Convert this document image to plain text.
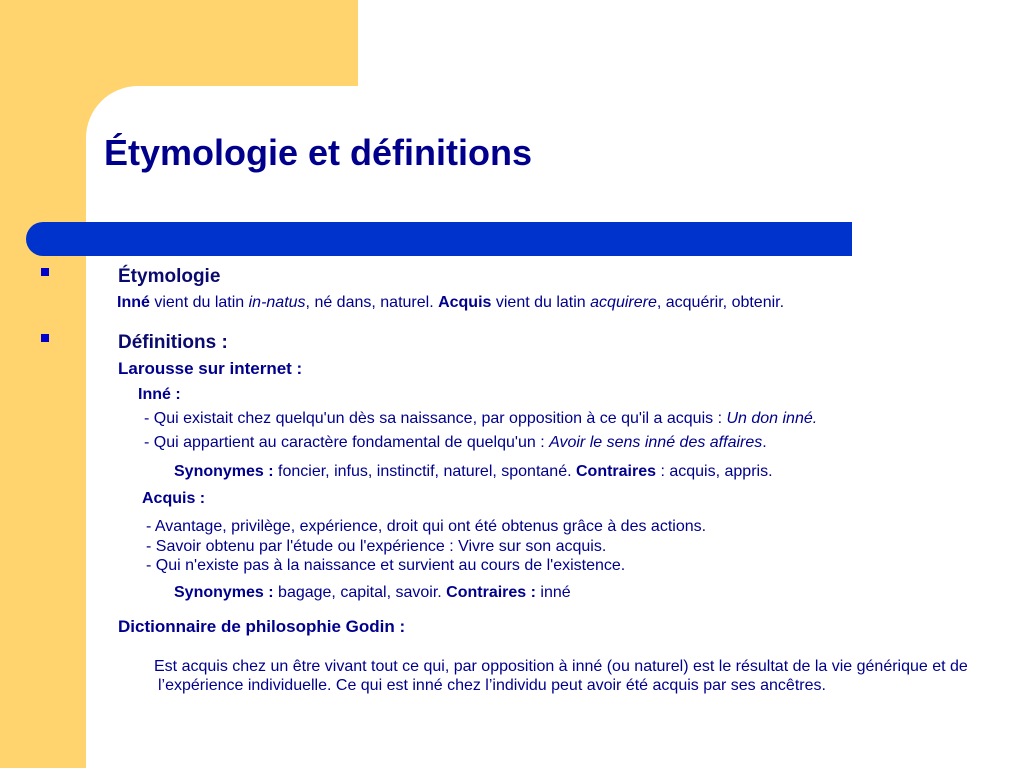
Étymologie et définitions

Étymologie

Inné vient du latin in-natus, né dans, naturel. Acquis vient du latin acquirere, acquérir, obtenir.

Définitions :

Larousse sur internet :

Inné :

- Qui existait chez quelqu'un dès sa naissance, par opposition à ce qu'il a acquis : Un don inné.

- Qui appartient au caractère fondamental de quelqu'un : Avoir le sens inné des affaires.

Synonymes : foncier, infus, instinctif, naturel, spontané. Contraires : acquis, appris.

Acquis :

- Avantage, privilège, expérience, droit qui ont été obtenus grâce à des actions.

- Savoir obtenu par l'étude ou l'expérience : Vivre sur son acquis.

- Qui n'existe pas à la naissance et survient au cours de l'existence.

Synonymes : bagage, capital, savoir. Contraires : inné

Dictionnaire de philosophie Godin :

Est acquis chez un être vivant tout ce qui, par opposition à inné (ou naturel) est le résultat de la vie générique et de l’expérience individuelle. Ce qui est inné chez l’individu peut avoir été acquis par ses ancêtres.
